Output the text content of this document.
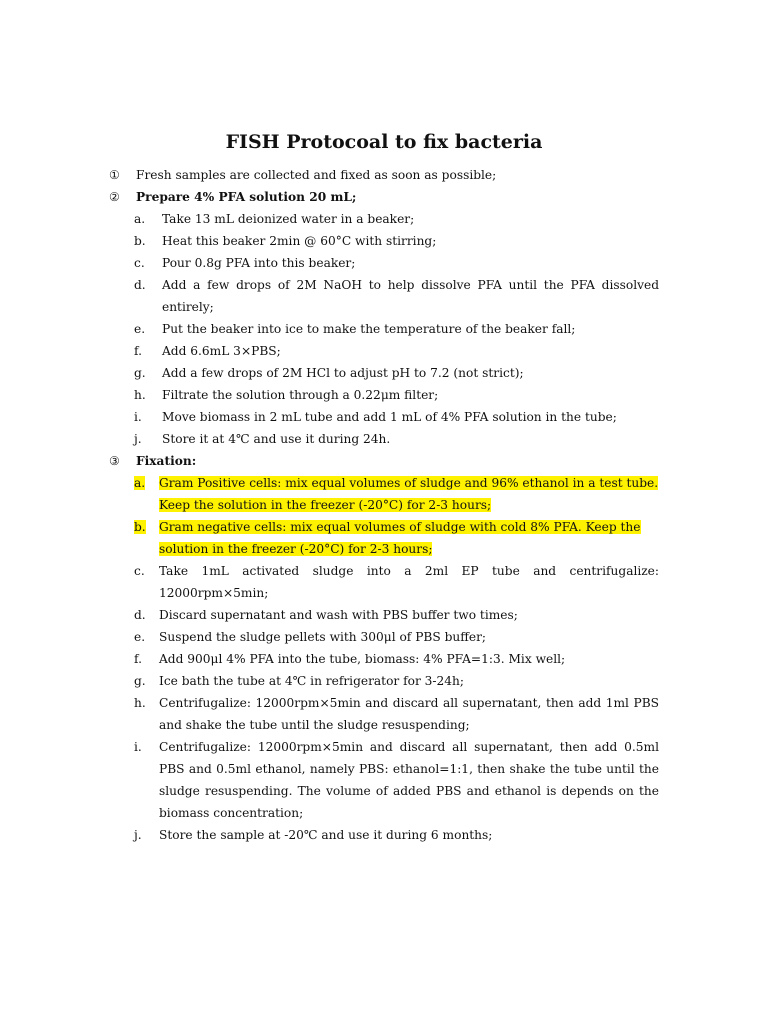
FISH Protocoal to fix bacteria
①	Fresh samples are collected and fixed as soon as possible;
②	Prepare 4% PFA solution 20 mL;
a.	Take 13 mL deionized water in a beaker;
b.	Heat this beaker 2min @ 60°C with stirring;
c.	Pour 0.8g PFA into this beaker;
d.	Add a few drops of 2M NaOH to help dissolve PFA until the PFA dissolved
entirely;
e.	Put the beaker into ice to make the temperature of the beaker fall;
f.	Add 6.6mL 3×PBS;
g.	Add a few drops of 2M HCl to adjust pH to 7.2 (not strict);
h.	Filtrate the solution through a 0.22μm filter;
i.	Move biomass in 2 mL tube and add 1 mL of 4% PFA solution in the tube;
j.	Store it at 4℃ and use it during 24h.
③	Fixation:
a.	Gram Positive cells: mix equal volumes of sludge and 96% ethanol in a test tube.
Keep the solution in the freezer (-20°C) for 2-3 hours;
b.	Gram negative cells: mix equal volumes of sludge with cold 8% PFA. Keep the
solution in the freezer (-20°C) for 2-3 hours;
c.	Take 1mL activated sludge into a 2ml EP tube and centrifugalize:
12000rpm×5min;
d.	Discard supernatant and wash with PBS buffer two times;
e.	Suspend the sludge pellets with 300μl of PBS buffer;
f.	Add 900μl 4% PFA into the tube, biomass: 4% PFA=1:3. Mix well;
g.	Ice bath the tube at 4℃ in refrigerator for 3-24h;
h.	Centrifugalize: 12000rpm×5min and discard all supernatant, then add 1ml PBS
and shake the tube until the sludge resuspending;
i.	Centrifugalize: 12000rpm×5min and discard all supernatant, then add 0.5ml
PBS and 0.5ml ethanol, namely PBS: ethanol=1:1, then shake the tube until the
sludge resuspending. The volume of added PBS and ethanol is depends on the
biomass concentration;
j.	Store the sample at -20℃ and use it during 6 months;
